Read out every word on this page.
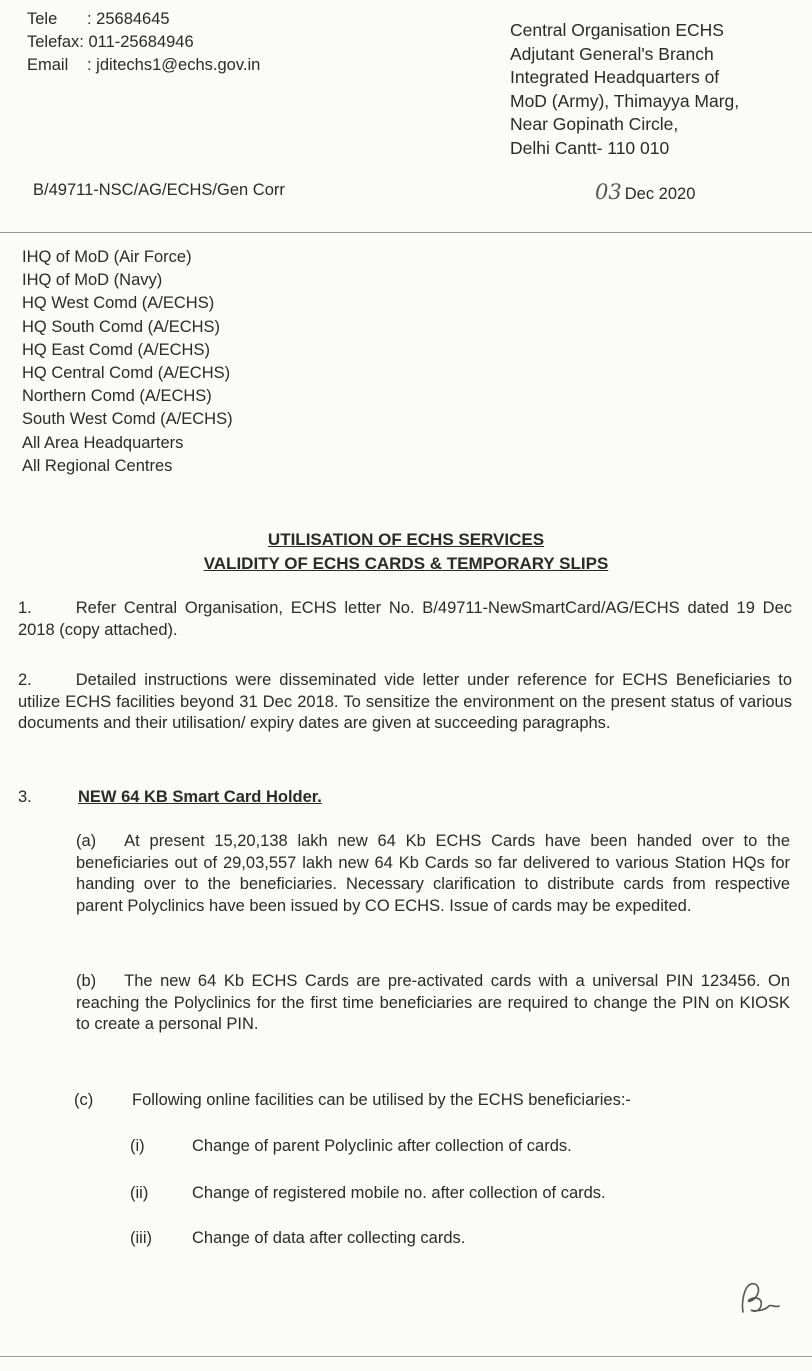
Tele : 25684645
Telefax: 011-25684946
Email : jditechs1@echs.gov.in
Central Organisation ECHS
Adjutant General's Branch
Integrated Headquarters of
MoD (Army), Thimayya Marg,
Near Gopinath Circle,
Delhi Cantt- 110 010
B/49711-NSC/AG/ECHS/Gen Corr	03 Dec 2020
IHQ of MoD (Air Force)
IHQ of MoD (Navy)
HQ West Comd (A/ECHS)
HQ South Comd (A/ECHS)
HQ East Comd (A/ECHS)
HQ Central Comd (A/ECHS)
Northern Comd (A/ECHS)
South West Comd (A/ECHS)
All Area Headquarters
All Regional Centres
UTILISATION OF ECHS SERVICES
VALIDITY OF ECHS CARDS & TEMPORARY SLIPS
1.	Refer Central Organisation, ECHS letter No. B/49711-NewSmartCard/AG/ECHS dated 19 Dec 2018 (copy attached).
2.	Detailed instructions were disseminated vide letter under reference for ECHS Beneficiaries to utilize ECHS facilities beyond 31 Dec 2018. To sensitize the environment on the present status of various documents and their utilisation/ expiry dates are given at succeeding paragraphs.
3.	NEW 64 KB Smart Card Holder.
(a) At present 15,20,138 lakh new 64 Kb ECHS Cards have been handed over to the beneficiaries out of 29,03,557 lakh new 64 Kb Cards so far delivered to various Station HQs for handing over to the beneficiaries. Necessary clarification to distribute cards from respective parent Polyclinics have been issued by CO ECHS. Issue of cards may be expedited.
(b) The new 64 Kb ECHS Cards are pre-activated cards with a universal PIN 123456. On reaching the Polyclinics for the first time beneficiaries are required to change the PIN on KIOSK to create a personal PIN.
(c) Following online facilities can be utilised by the ECHS beneficiaries:-
(i)	Change of parent Polyclinic after collection of cards.
(ii)	Change of registered mobile no. after collection of cards.
(iii) Change of data after collecting cards.
